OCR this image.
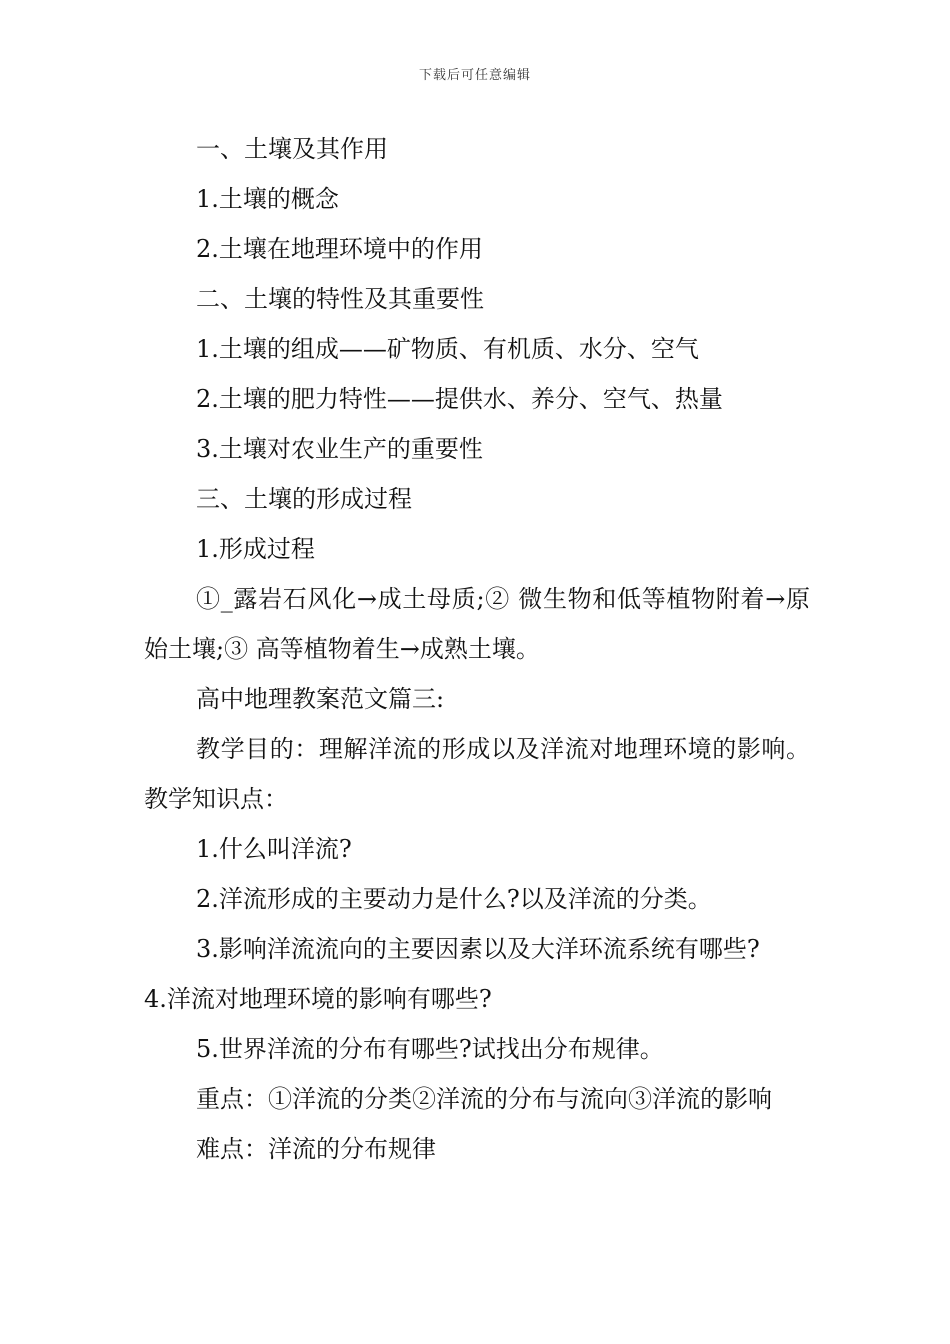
下载后可任意编辑

一、土壤及其作用

1.土壤的概念

2.土壤在地理环境中的作用

二、土壤的特性及其重要性

1.土壤的组成——矿物质、有机质、水分、空气

2.土壤的肥力特性——提供水、养分、空气、热量

3.土壤对农业生产的重要性

三、土壤的形成过程

1.形成过程

①_露岩石风化→成土母质;② 微生物和低等植物附着→原始土壤;③ 高等植物着生→成熟土壤。

高中地理教案范文篇三:

教学目的：理解洋流的形成以及洋流对地理环境的影响。教学知识点：

1.什么叫洋流?

2.洋流形成的主要动力是什么?以及洋流的分类。

3.影响洋流流向的主要因素以及大洋环流系统有哪些?

4.洋流对地理环境的影响有哪些?

5.世界洋流的分布有哪些?试找出分布规律。

重点：①洋流的分类②洋流的分布与流向③洋流的影响

难点：洋流的分布规律
